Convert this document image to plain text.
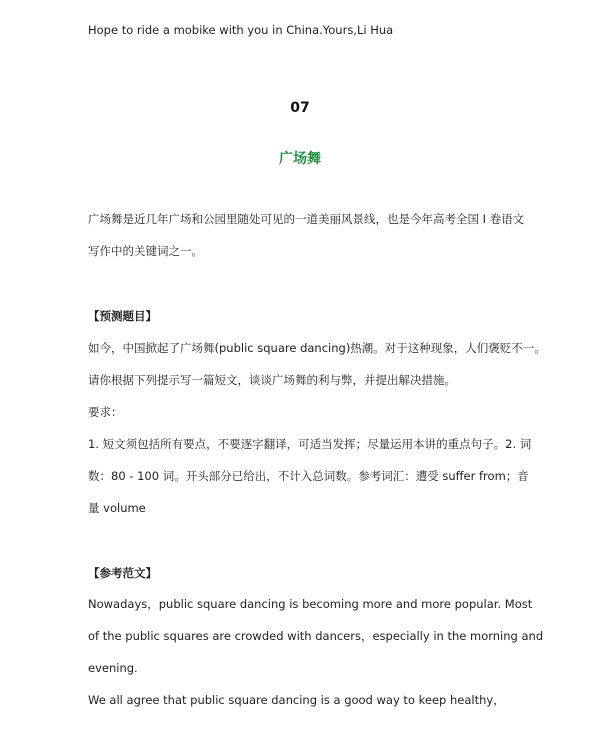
Hope to ride a mobike with you in China.Yours,Li Hua
07
广场舞
广场舞是近几年广场和公园里随处可见的一道美丽风景线，也是今年高考全国 I 卷语文
写作中的关键词之一。
【预测题目】
如今，中国掀起了广场舞(public square dancing)热潮。对于这种现象，人们褒贬不一。
请你根据下列提示写一篇短文，谈谈广场舞的利与弊，并提出解决措施。
要求：
1. 短文须包括所有要点，不要逐字翻译，可适当发挥；尽量运用本讲的重点句子。2. 词
数：80 - 100 词。开头部分已给出，不计入总词数。参考词汇：遭受 suffer from；音
量 volume
【参考范文】
Nowadays，public square dancing is becoming more and more popular. Most
of the public squares are crowded with dancers，especially in the morning and
evening.
We all agree that public square dancing is a good way to keep healthy，
